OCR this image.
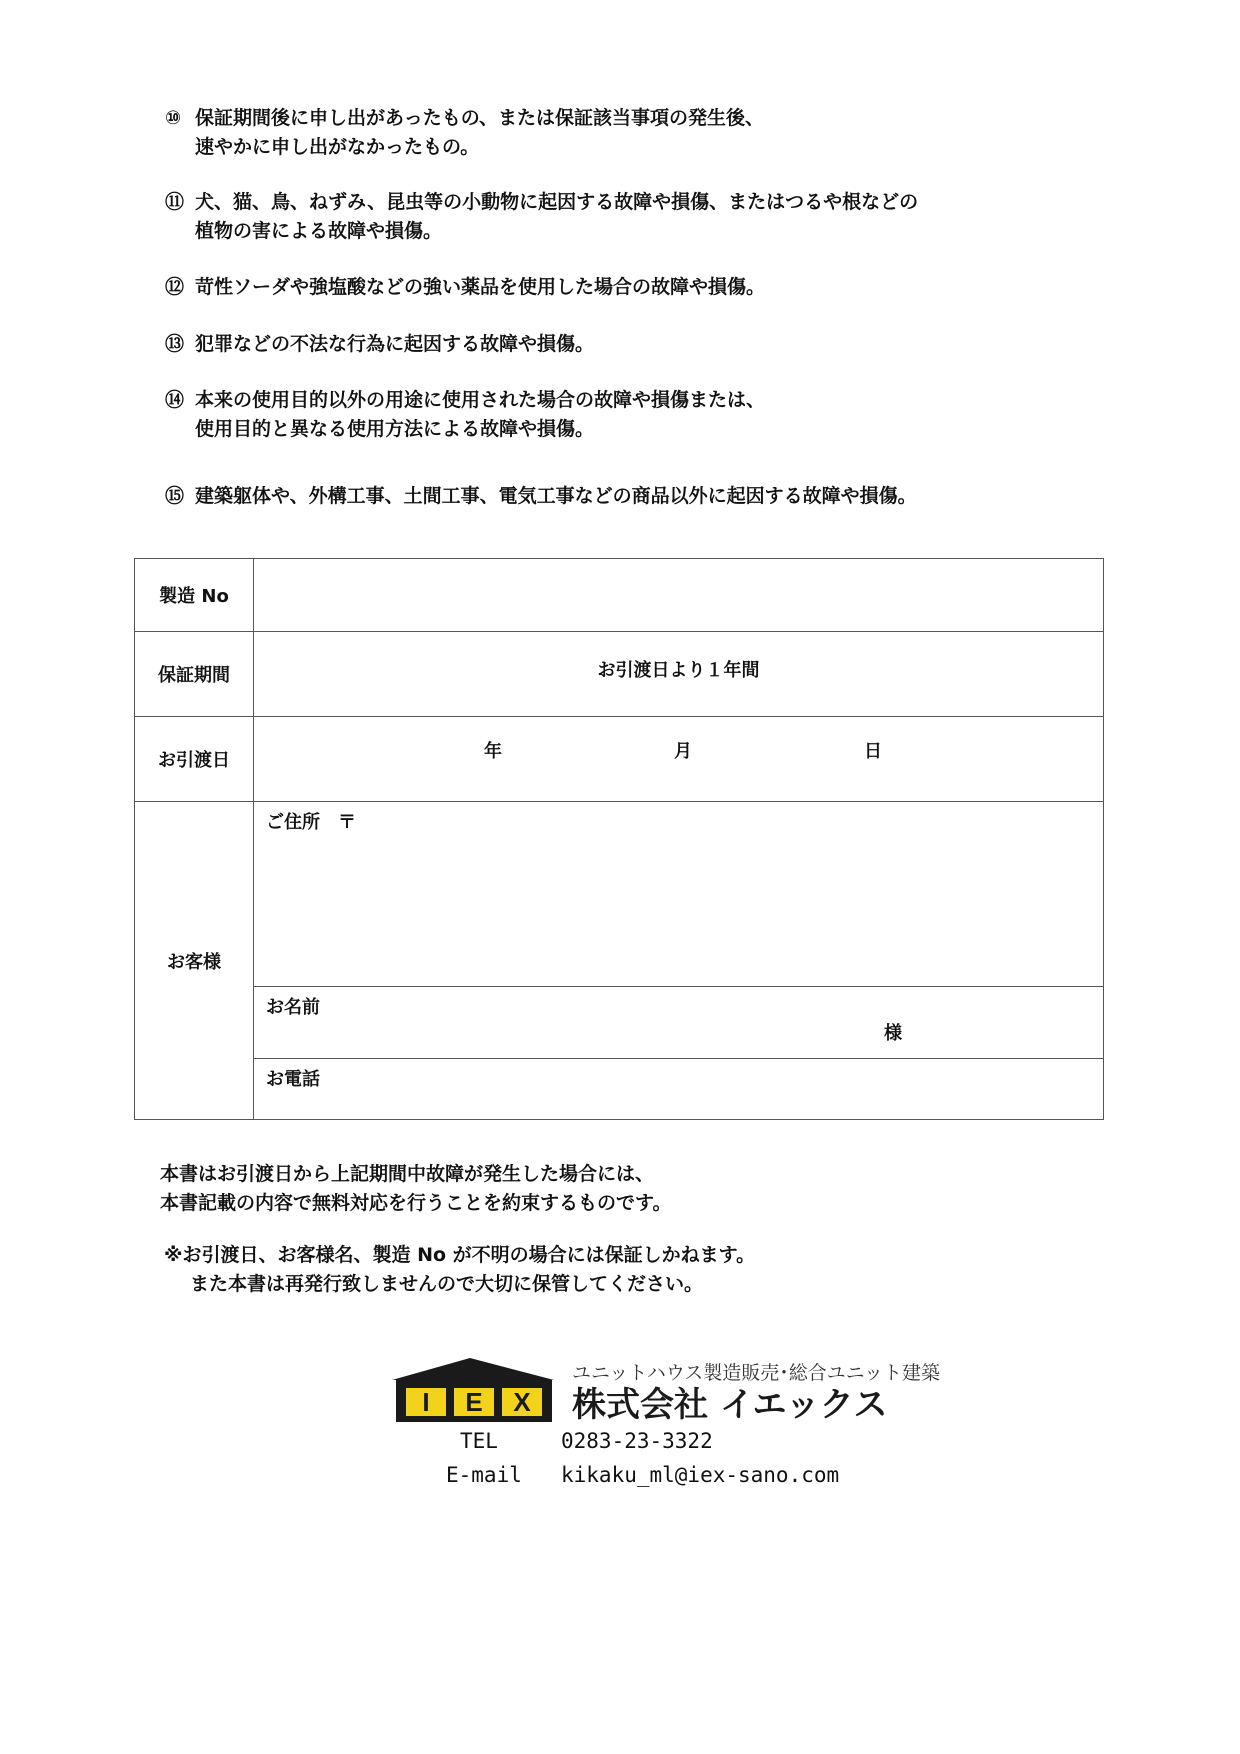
⑩ 保証期間後に申し出があったもの、または保証該当事項の発生後、
速やかに申し出がなかったもの。
⑪ 犬、猫、鳥、ねずみ、昆虫等の小動物に起因する故障や損傷、またはつるや根などの
植物の害による故障や損傷。
⑫ 苛性ソーダや強塩酸などの強い薬品を使用した場合の故障や損傷。
⑬ 犯罪などの不法な行為に起因する故障や損傷。
⑭ 本来の使用目的以外の用途に使用された場合の故障や損傷または、
使用目的と異なる使用方法による故障や損傷。
⑮ 建築躯体や、外構工事、土間工事、電気工事などの商品以外に起因する故障や損傷。
製造 No	
保証期間	お引渡日より１年間
お引渡日	年 月 日

お客様	ご住所　〒
	お名前
様

	お電話
本書はお引渡日から上記期間中故障が発生した場合には、
本書記載の内容で無料対応を行うことを約束するものです。
※お引渡日、お客様名、製造 No が不明の場合には保証しかねます。
また本書は再発行致しませんので大切に保管してください。
I E X
ユニットハウス製造販売･総合ユニット建築
株式会社 イエックス
TEL	0283-23-3322
E-mail	kikaku_ml@iex-sano.com
